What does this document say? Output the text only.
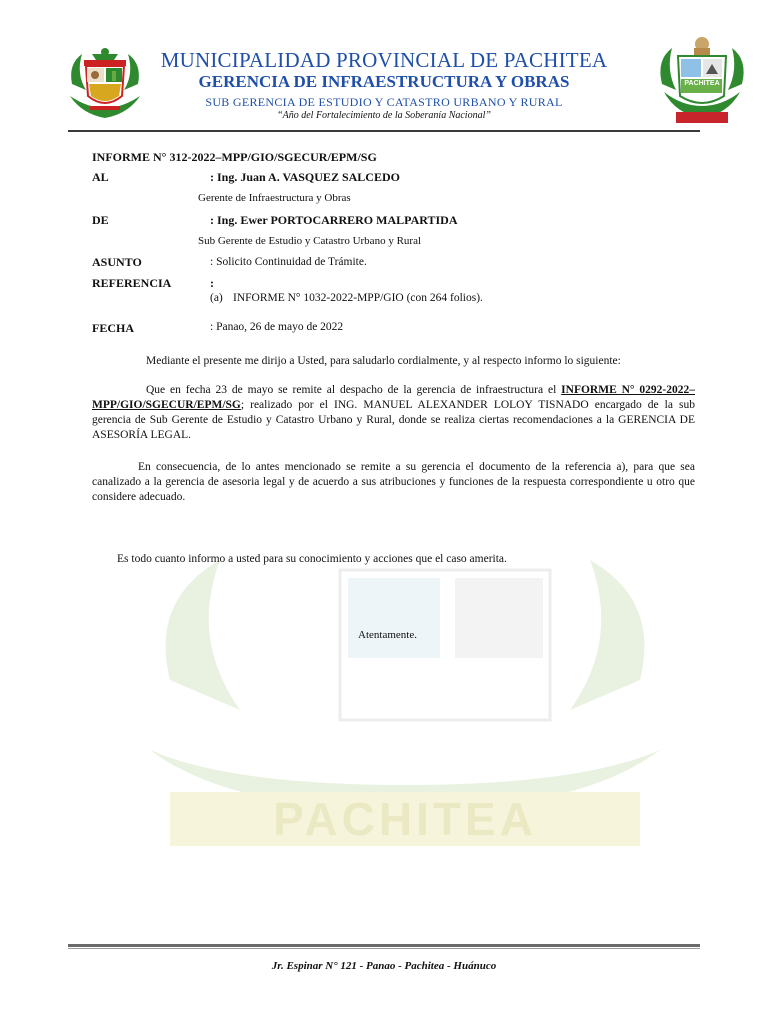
PACHITEA
MUNICIPALIDAD PROVINCIAL DE PACHITEA
GERENCIA DE INFRAESTRUCTURA Y OBRAS
SUB GERENCIA DE ESTUDIO Y CATASTRO URBANO Y RURAL
“Año del Fortalecimiento de la Soberanía Nacional”
PACHITEA
INFORME N° 312-2022–MPP/GIO/SGECUR/EPM/SG
AL	: Ing. Juan A. VASQUEZ SALCEDO
Gerente de Infraestructura y Obras
DE	: Ing. Ewer PORTOCARRERO MALPARTIDA
Sub Gerente de Estudio y Catastro Urbano y Rural
ASUNTO	: Solicito Continuidad de Trámite.
REFERENCIA	:
(a) INFORME N° 1032-2022-MPP/GIO (con 264 folios).
FECHA	: Panao, 26 de mayo de 2022
Mediante el presente me dirijo a Usted, para saludarlo cordialmente, y al respecto informo lo siguiente:
Que en fecha 23 de mayo se remite al despacho de la gerencia de infraestructura el INFORME N° 0292-2022–MPP/GIO/SGECUR/EPM/SG; realizado por el ING. MANUEL ALEXANDER LOLOY TISNADO encargado de la sub gerencia de Sub Gerente de Estudio y Catastro Urbano y Rural, donde se realiza ciertas recomendaciones a la GERENCIA DE ASESORÍA LEGAL.
En consecuencia, de lo antes mencionado se remite a su gerencia el documento de la referencia a), para que sea canalizado a la gerencia de asesoria legal y de acuerdo a sus atribuciones y funciones de la respuesta correspondiente u otro que considere adecuado.
Es todo cuanto informo a usted para su conocimiento y acciones que el caso amerita.
Atentamente.
Jr. Espinar N° 121 - Panao - Pachitea - Huánuco
